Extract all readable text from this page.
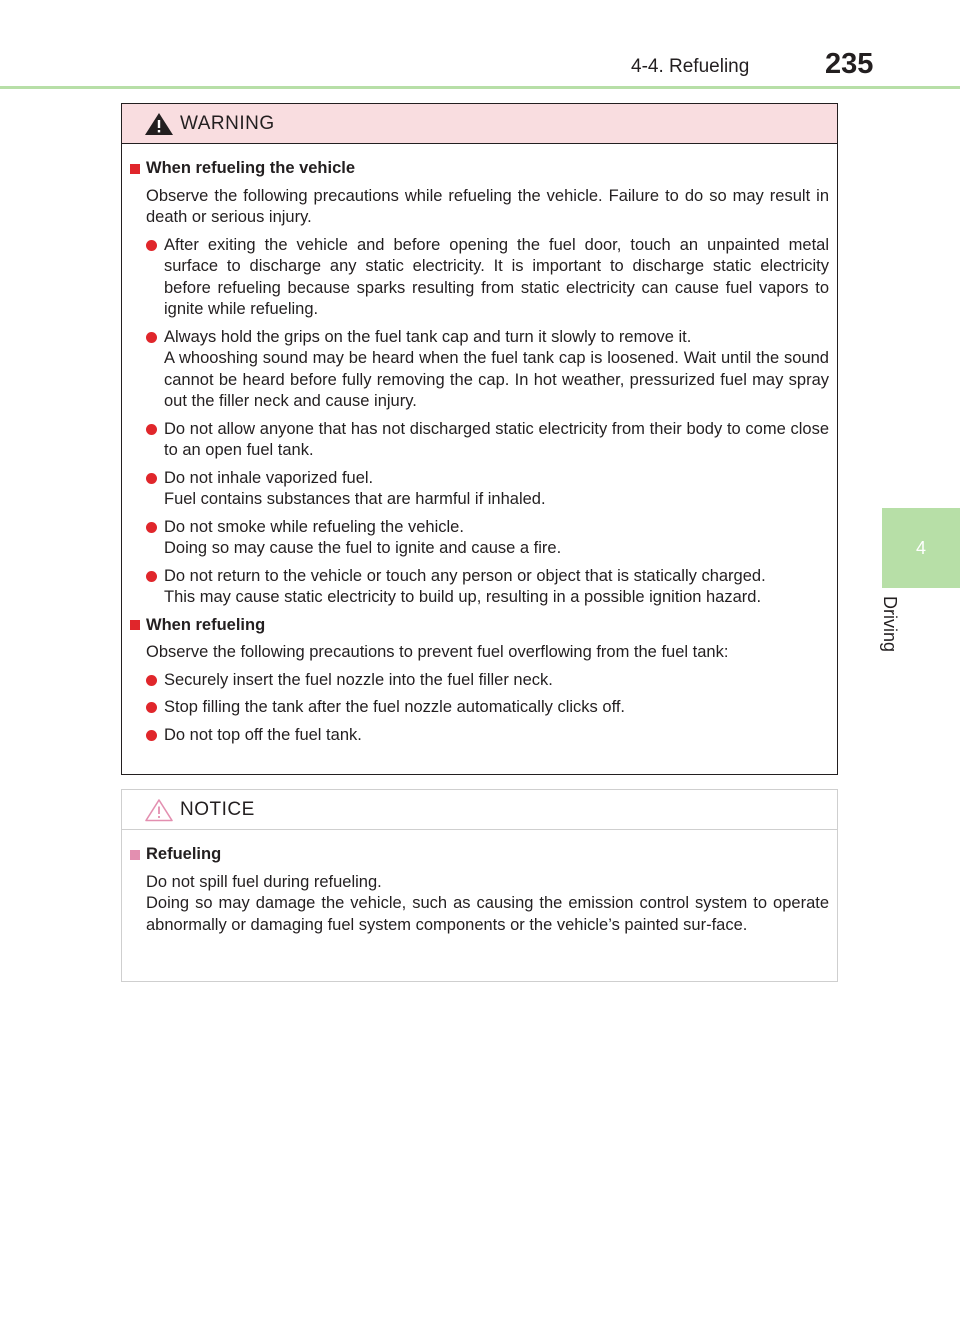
4-4. Refueling	235
4
Driving
WARNING
When refueling the vehicle
Observe the following precautions while refueling the vehicle. Failure to do so may result in death or serious injury.
After exiting the vehicle and before opening the fuel door, touch an unpainted metal surface to discharge any static electricity. It is important to discharge static electricity before refueling because sparks resulting from static electricity can cause fuel vapors to ignite while refueling.
Always hold the grips on the fuel tank cap and turn it slowly to remove it.
A whooshing sound may be heard when the fuel tank cap is loosened. Wait until the sound cannot be heard before fully removing the cap. In hot weather, pressurized fuel may spray out the filler neck and cause injury.
Do not allow anyone that has not discharged static electricity from their body to come close to an open fuel tank.
Do not inhale vaporized fuel.
Fuel contains substances that are harmful if inhaled.
Do not smoke while refueling the vehicle.
Doing so may cause the fuel to ignite and cause a fire.
Do not return to the vehicle or touch any person or object that is statically charged.
This may cause static electricity to build up, resulting in a possible ignition hazard.
When refueling
Observe the following precautions to prevent fuel overflowing from the fuel tank:
Securely insert the fuel nozzle into the fuel filler neck.
Stop filling the tank after the fuel nozzle automatically clicks off.
Do not top off the fuel tank.
NOTICE
Refueling
Do not spill fuel during refueling.
Doing so may damage the vehicle, such as causing the emission control system to operate abnormally or damaging fuel system components or the vehicle’s painted sur-face.
